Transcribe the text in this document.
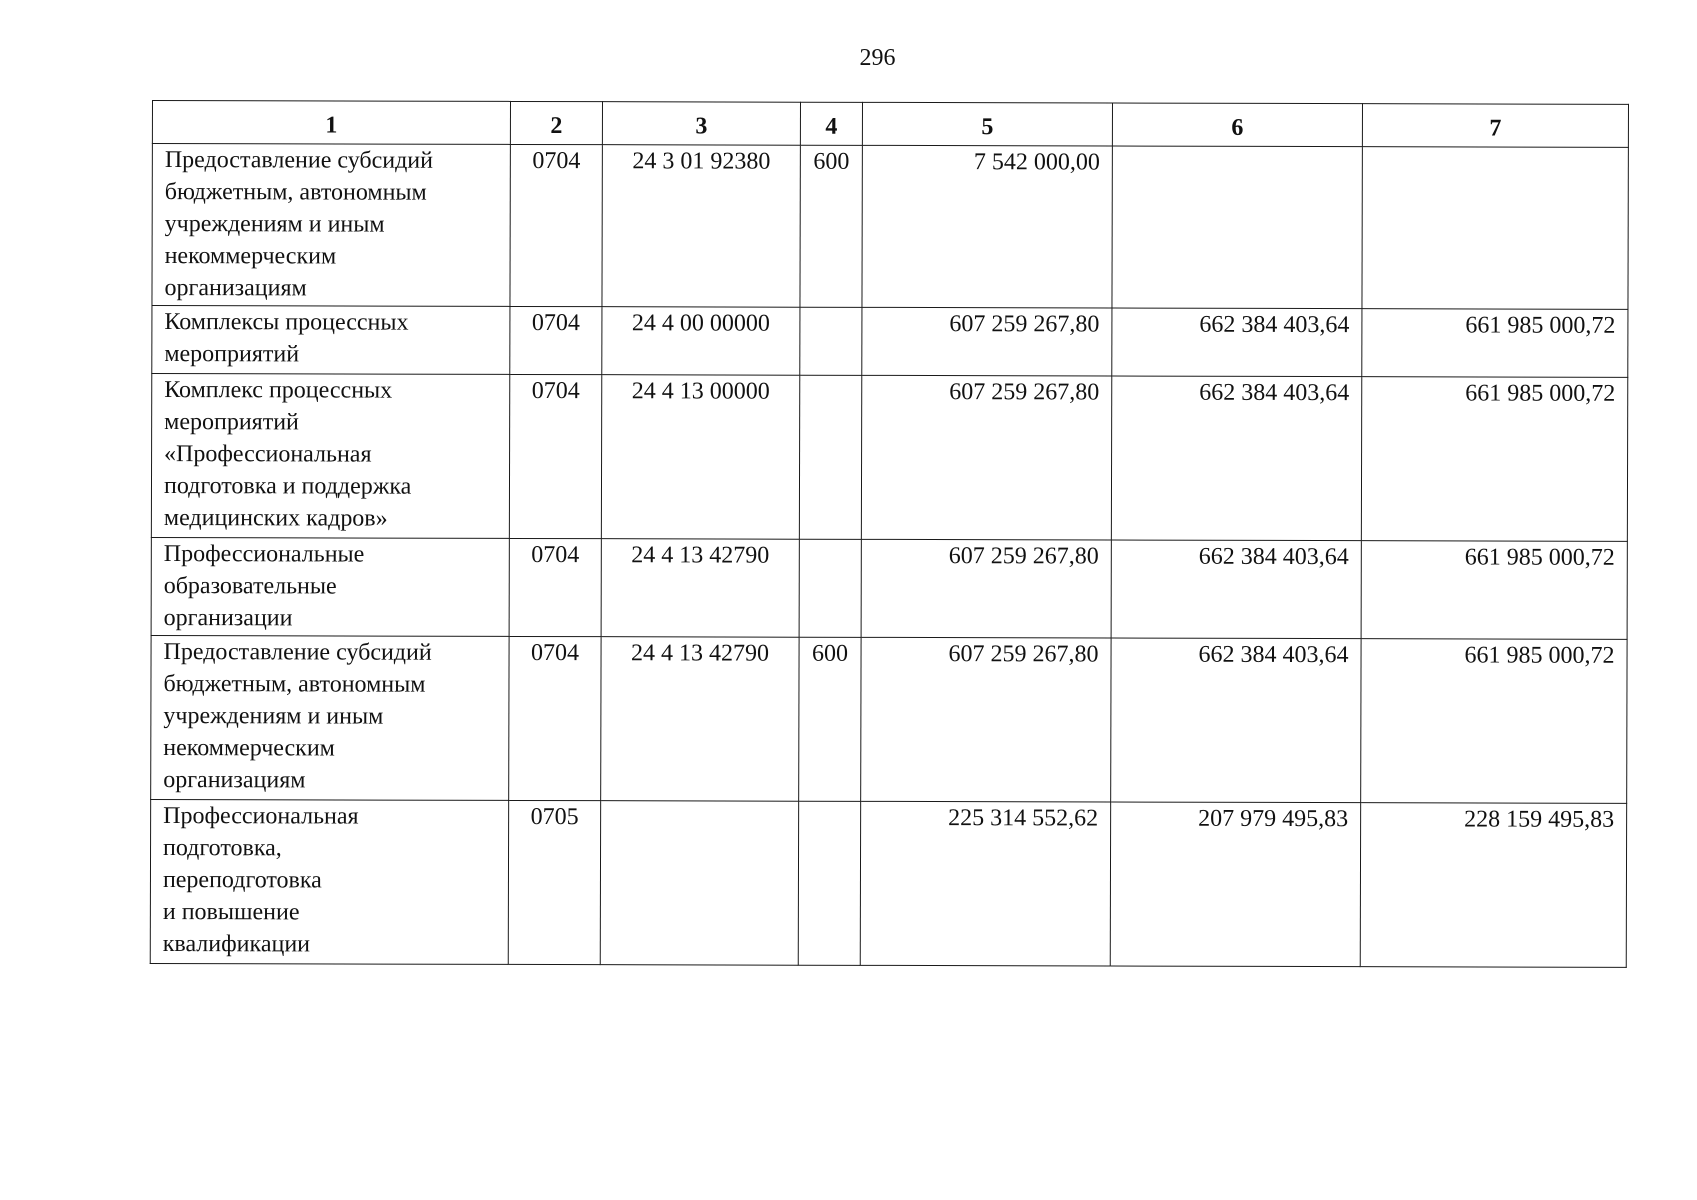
296
1	2	3	4	5	6	7
Предоставление субсидий
бюджетным, автономным
учреждениям и иным
некоммерческим
организациям	0704	24 3 01 92380	600	7 542 000,00		
Комплексы процессных
мероприятий	0704	24 4 00 00000		607 259 267,80	662 384 403,64	661 985 000,72
Комплекс процессных
мероприятий
«Профессиональная
подготовка и поддержка
медицинских кадров»	0704	24 4 13 00000		607 259 267,80	662 384 403,64	661 985 000,72
Профессиональные
образовательные
организации	0704	24 4 13 42790		607 259 267,80	662 384 403,64	661 985 000,72
Предоставление субсидий
бюджетным, автономным
учреждениям и иным
некоммерческим
организациям	0704	24 4 13 42790	600	607 259 267,80	662 384 403,64	661 985 000,72
Профессиональная
подготовка,
переподготовка
и повышение
квалификации	0705			225 314 552,62	207 979 495,83	228 159 495,83
